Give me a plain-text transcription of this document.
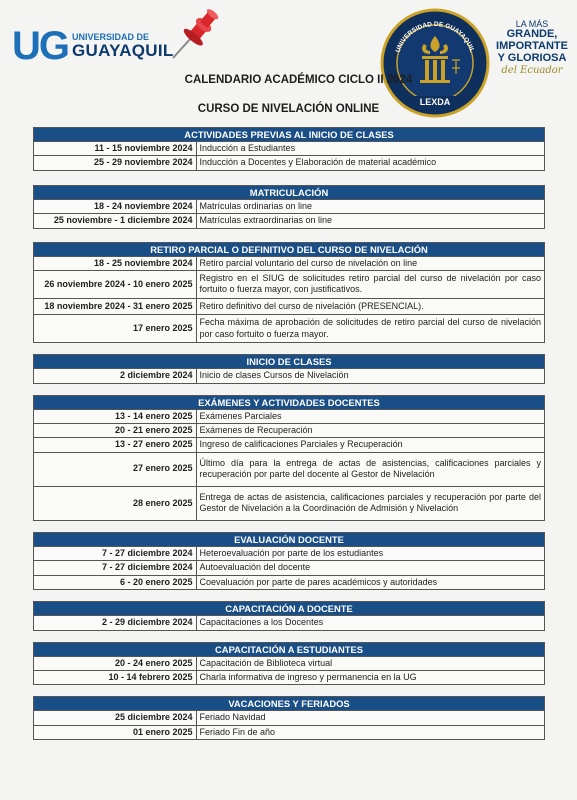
UG UNIVERSIDAD DE
GUAYAQUIL	UNIVERSIDAD DE GUAYAQUIL
LEXDA
LA MÁS
GRANDE,
IMPORTANTE
Y GLORIOSA
del Ecuador
CALENDARIO ACADÉMICO CICLO II 2024
CURSO DE NIVELACIÓN ONLINE
ACTIVIDADES PREVIAS AL INICIO DE CLASES
11 - 15 noviembre 2024	Inducción a Estudiantes
25 - 29 noviembre 2024	Inducción a Docentes y Elaboración de material académico
MATRICULACIÓN
18 - 24 noviembre 2024	Matrículas ordinarias on line
25 noviembre - 1 diciembre 2024	Matrículas extraordinarias on line
RETIRO PARCIAL O DEFINITIVO DEL CURSO DE NIVELACIÓN
18 - 25 noviembre 2024	Retiro parcial voluntario del curso de nivelación on line
26 noviembre 2024 - 10 enero 2025	Registro en el SIUG de solicitudes retiro parcial del curso de nivelación por caso fortuito o fuerza mayor, con justificativos.
18 noviembre 2024 - 31 enero 2025	Retiro definitivo del curso de nivelación (PRESENCIAL).
17 enero 2025	Fecha máxima de aprobación de solicitudes de retiro parcial del curso de nivelación por caso fortuito o fuerza mayor.
INICIO DE CLASES
2 diciembre 2024	Inicio de clases Cursos de Nivelación
EXÁMENES Y ACTIVIDADES DOCENTES
13 - 14 enero 2025	Exámenes Parciales
20 - 21 enero 2025	Exámenes de Recuperación
13 - 27 enero 2025	Ingreso de calificaciones Parciales y Recuperación
27 enero 2025	Último día para la entrega de actas de asistencias, calificaciones parciales y recuperación por parte del docente al Gestor de Nivelación
28 enero 2025	Entrega de actas de asistencia, calificaciones parciales y recuperación por parte del Gestor de Nivelación a la Coordinación de Admisión y Nivelación
EVALUACIÓN DOCENTE
7 - 27 diciembre 2024	Heteroevaluación por parte de los estudiantes
7 - 27 diciembre 2024	Autoevaluación del docente
6 - 20 enero 2025	Coevaluación por parte de pares académicos y autoridades
CAPACITACIÓN A DOCENTE
2 - 29 diciembre 2024	Capacitaciones a los Docentes
CAPACITACIÓN A ESTUDIANTES
20 - 24 enero 2025	Capacitación de Biblioteca virtual
10 - 14 febrero 2025	Charla informativa de ingreso y permanencia en la UG
VACACIONES Y FERIADOS
25 diciembre 2024	Feriado Navidad
01 enero 2025	Feriado Fin de año
